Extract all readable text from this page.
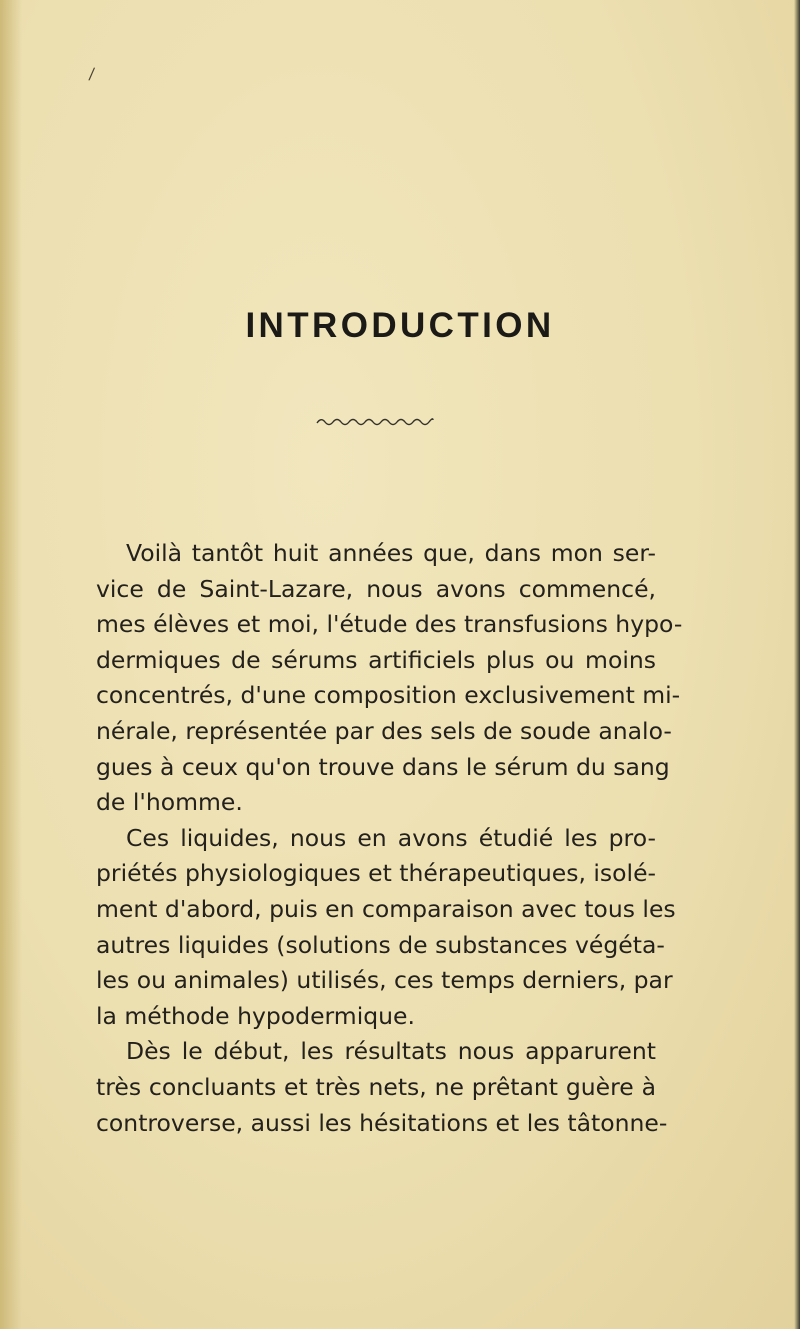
/
INTRODUCTION
Voilà tantôt huit années que, dans mon ser-
vice de Saint-Lazare, nous avons commencé,
mes élèves et moi, l'étude des transfusions hypo-
dermiques de sérums artificiels plus ou moins
concentrés, d'une composition exclusivement mi-
nérale, représentée par des sels de soude analo-
gues à ceux qu'on trouve dans le sérum du sang
de l'homme.
Ces liquides, nous en avons étudié les pro-
priétés physiologiques et thérapeutiques, isolé-
ment d'abord, puis en comparaison avec tous les
autres liquides (solutions de substances végéta-
les ou animales) utilisés, ces temps derniers, par
la méthode hypodermique.
Dès le début, les résultats nous apparurent
très concluants et très nets, ne prêtant guère à
controverse, aussi les hésitations et les tâtonne-
